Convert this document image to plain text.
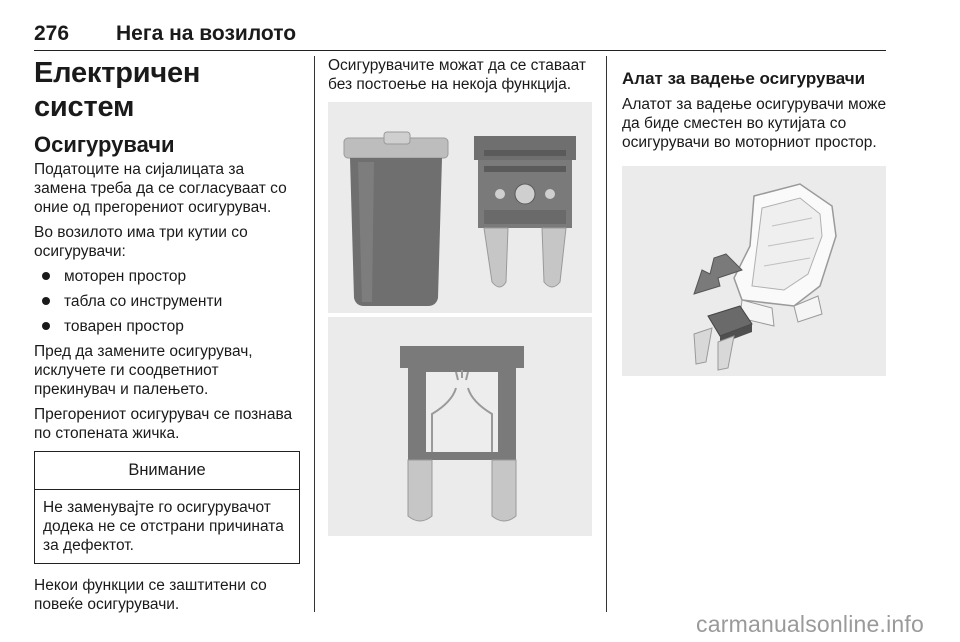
276 Нега на возилото
Електричен систем
Осигурувачи

Податоците на сијалицата за замена треба да се согласуваат со оние од прегорениот осигурувач.

Во возилото има три кутии со осигурувачи:

моторен простор
табла со инструменти
товарен простор

Пред да замените осигурувач, исклучете ги соодветниот прекинувач и палењето.

Прегорениот осигурувач се познава по стопената жичка.

Внимание
Не заменувајте го осигурувачот додека не се отстрани причината за дефектот.

Некои функции се заштитени со повеќе осигурувачи.

Осигурувачите можат да се ставаат без постоење на некоја функција.	Алат за вадење осигурувачи

Алатот за вадење осигурувачи може да биде сместен во кутијата со осигурувачи во моторниот простор.

carmanualsonline.info
